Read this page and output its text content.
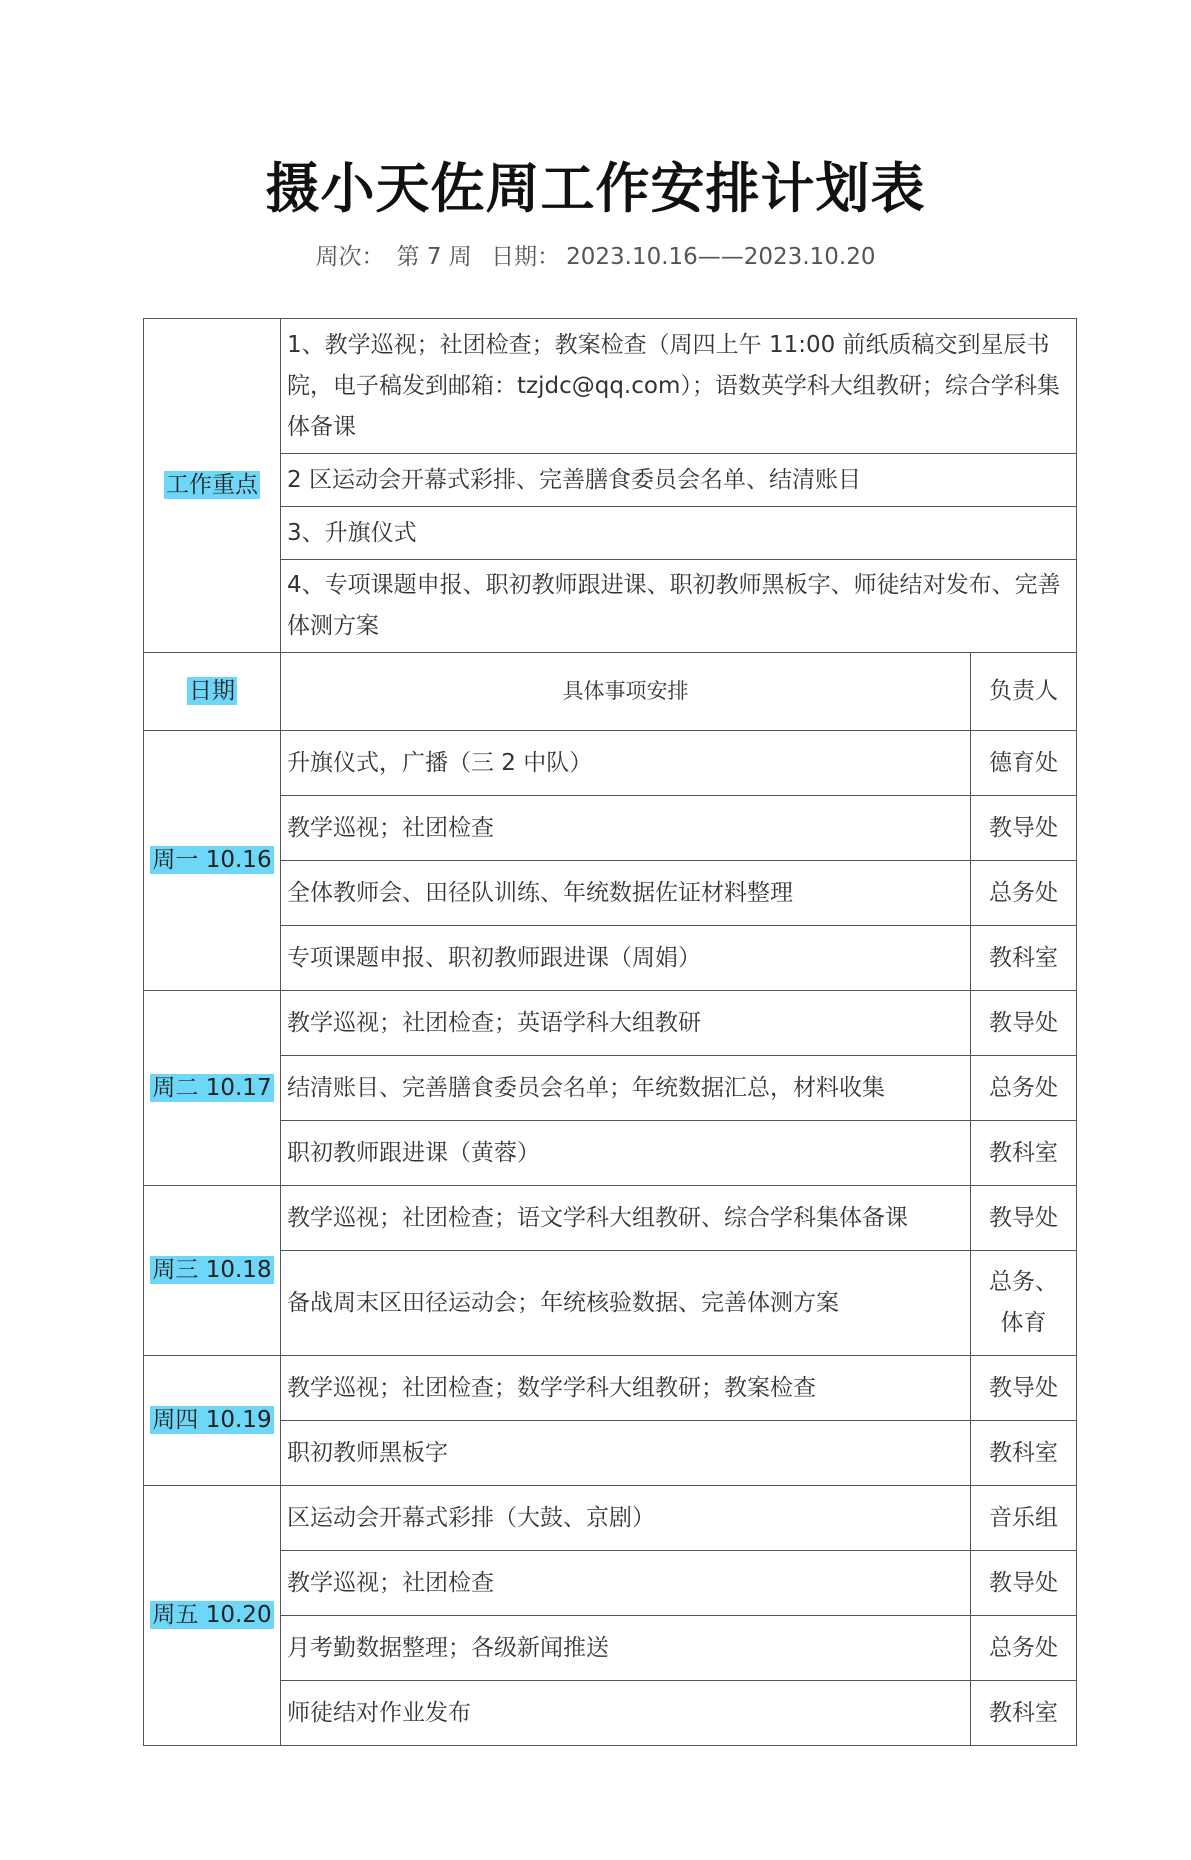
摄小天佐周工作安排计划表
周次： 第 7 周 日期： 2023.10.16——2023.10.20
工作重点	1、教学巡视；社团检查；教案检查（周四上午 11:00 前纸质稿交到星辰书院，电子稿发到邮箱：tzjdc@qq.com）；语数英学科大组教研；综合学科集体备课	
	2 区运动会开幕式彩排、完善膳食委员会名单、结清账目	
	3、升旗仪式	
	4、专项课题申报、职初教师跟进课、职初教师黑板字、师徒结对发布、完善体测方案	
日期	具体事项安排	负责人
周一 10.16	升旗仪式，广播（三 2 中队）	德育处
	教学巡视；社团检查	教导处
	全体教师会、田径队训练、年统数据佐证材料整理	总务处
	专项课题申报、职初教师跟进课（周娟）	教科室
周二 10.17	教学巡视；社团检查；英语学科大组教研	教导处
	结清账目、完善膳食委员会名单；年统数据汇总，材料收集	总务处
	职初教师跟进课（黄蓉）	教科室
周三 10.18	教学巡视；社团检查；语文学科大组教研、综合学科集体备课	教导处
	备战周末区田径运动会；年统核验数据、完善体测方案	总务、
体育

周四 10.19	教学巡视；社团检查；数学学科大组教研；教案检查	教导处
	职初教师黑板字	教科室
周五 10.20	区运动会开幕式彩排（大鼓、京剧）	音乐组
	教学巡视；社团检查	教导处
	月考勤数据整理；各级新闻推送	总务处
	师徒结对作业发布	教科室
